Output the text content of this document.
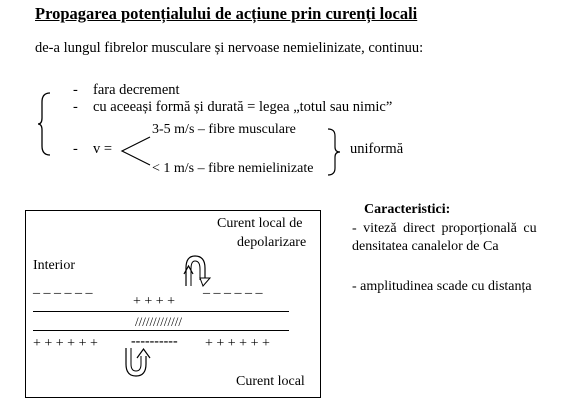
Propagarea potențialului de acțiune prin curenți locali
de-a lungul fibrelor musculare și nervoase nemielinizate, continuu:
- fara decrement
- cu aceeași formă și durată = legea „totul sau nimic”
- v =
3-5 m/s – fibre musculare
< 1 m/s – fibre nemielinizate
uniformă
Curent local de
depolarizare
Interior
_ _ _ _ _ _
+ + + +
_ _ _ _ _ _
/////////////
+ + + + + + ---------- + + + + + +
Curent local
Caracteristici:
- viteză direct proporțională cu
densitatea canalelor de Ca
- amplitudinea scade cu distanța
